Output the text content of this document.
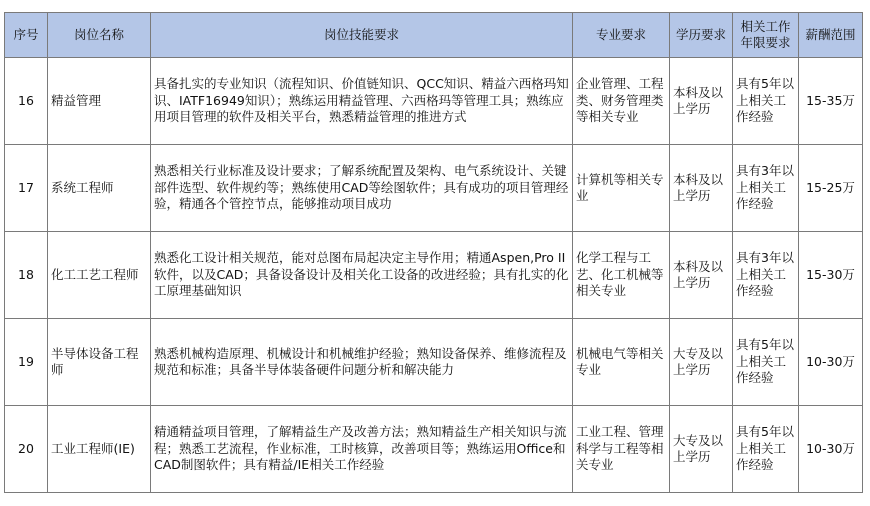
序号	岗位名称	岗位技能要求	专业要求	学历要求	相关工作年限要求	薪酬范围
16	精益管理	具备扎实的专业知识（流程知识、价值链知识、QCC知识、精益六西格玛知识、IATF16949知识）；熟练运用精益管理、六西格玛等管理工具；熟练应用项目管理的软件及相关平台，熟悉精益管理的推进方式	企业管理、工程类、财务管理类等相关专业	本科及以上学历	具有5年以上相关工作经验	15-35万
17	系统工程师	熟悉相关行业标准及设计要求；了解系统配置及架构、电气系统设计、关键部件选型、软件规约等；熟练使用CAD等绘图软件；具有成功的项目管理经验，精通各个管控节点，能够推动项目成功	计算机等相关专业	本科及以上学历	具有3年以上相关工作经验	15-25万
18	化工工艺工程师	熟悉化工设计相关规范，能对总图布局起决定主导作用；精通Aspen,Pro II 软件，以及CAD；具备设备设计及相关化工设备的改进经验；具有扎实的化工原理基础知识	化学工程与工艺、化工机械等相关专业	本科及以上学历	具有3年以上相关工作经验	15-30万
19	半导体设备工程师	熟悉机械构造原理、机械设计和机械维护经验；熟知设备保养、维修流程及规范和标准；具备半导体装备硬件问题分析和解决能力	机械电气等相关专业	大专及以上学历	具有5年以上相关工作经验	10-30万
20	工业工程师(IE)	精通精益项目管理，了解精益生产及改善方法；熟知精益生产相关知识与流程；熟悉工艺流程，作业标准，工时核算，改善项目等；熟练运用Office和CAD制图软件；具有精益/IE相关工作经验	工业工程、管理科学与工程等相关专业	大专及以上学历	具有5年以上相关工作经验	10-30万
